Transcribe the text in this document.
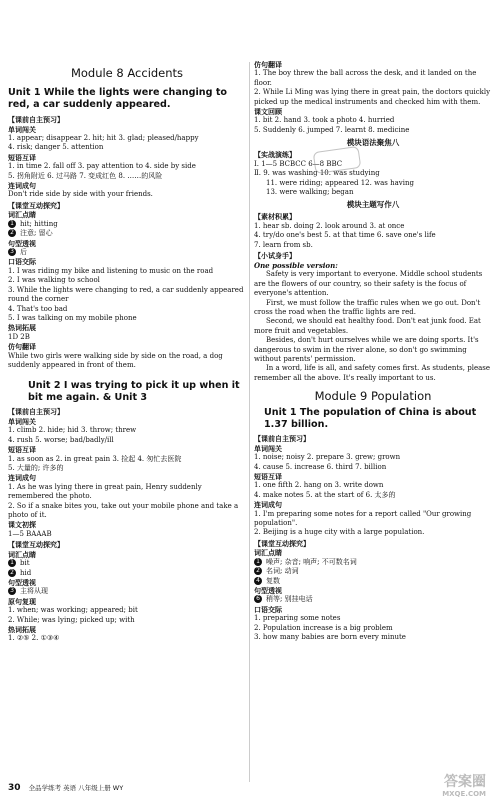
Module 8 Accidents
Unit 1 While the lights were changing to red, a car suddenly appeared.
【课前自主预习】
单词闯关
1. appear; disappear 2. hit; hit 3. glad; pleased/happy
4. risk; danger 5. attention
短语互译
1. in time 2. fall off 3. pay attention to 4. side by side
5. 拐角附近 6. 过马路 7. 变成红色 8. ……的风险
连词成句
Don't ride side by side with your friends.
【课堂互动探究】
词汇点睛
1 hit; hitting
2 注意; 留心
句型透视
3 后
口语交际
1. I was riding my bike and listening to music on the road
2. I was walking to school
3. While the lights were changing to red, a car suddenly appeared round the corner
4. That's too bad
5. I was talking on my mobile phone
热词拓展
1D 2B
仿句翻译
While two girls were walking side by side on the road, a dog suddenly appeared in front of them.
Unit 2 I was trying to pick it up when it bit me again. & Unit 3
【课前自主预习】
单词闯关
1. climb 2. hide; hid 3. throw; threw
4. rush 5. worse; bad/badly/ill
短语互译
1. as soon as 2. in great pain 3. 捡起 4. 匆忙去医院
5. 大量的; 许多的
连词成句
1. As he was lying there in great pain, Henry suddenly remembered the photo.
2. So if a snake bites you, take out your mobile phone and take a photo of it.
课文初探
1—5 BAAAB
【课堂互动探究】
词汇点睛
1 bit
2 hid
句型透视
3 主将从现
原句复现
1. when; was working; appeared; bit
2. While; was lying; picked up; with
热词拓展
1. ②⑤ 2. ①③④
仿句翻译
1. The boy threw the ball across the desk, and it landed on the floor.
2. While Li Ming was lying there in great pain, the doctors quickly picked up the medical instruments and checked him with them.
课文回顾
1. bit 2. hand 3. took a photo 4. hurried
5. Suddenly 6. jumped 7. learnt 8. medicine
模块语法聚焦八
【实战演练】
Ⅰ. 1—5 BCBCC 6—8 BBC
Ⅱ. 9. was washing 10. was studying
11. were riding; appeared 12. was having
13. were walking; began
模块主题写作八
【素材积累】
1. hear sb. doing 2. look around 3. at once
4. try/do one's best 5. at that time 6. save one's life
7. learn from sb.
【小试身手】
One possible version:
Safety is very important to everyone. Middle school students are the flowers of our country, so their safety is the focus of everyone's attention.
First, we must follow the traffic rules when we go out. Don't cross the road when the traffic lights are red.
Second, we should eat healthy food. Don't eat junk food. Eat more fruit and vegetables.
Besides, don't hurt ourselves while we are doing sports. It's dangerous to swim in the river alone, so don't go swimming without parents' permission.
In a word, life is all, and safety comes first. As students, please remember all the above. It's really important to us.
Module 9 Population
Unit 1 The population of China is about 1.37 billion.
【课前自主预习】
单词闯关
1. noise; noisy 2. prepare 3. grew; grown
4. cause 5. increase 6. third 7. billion
短语互译
1. one fifth 2. hang on 3. write down
4. make notes 5. at the start of 6. 太多的
连词成句
1. I'm preparing some notes for a report called "Our growing population".
2. Beijing is a huge city with a large population.
【课堂互动探究】
词汇点睛
1 噪声; 杂音; 响声; 不可数名词
2 名词; 动词
4 复数
句型透视
6 稍等; 别挂电话
口语交际
1. preparing some notes
2. Population increase is a big problem
3. how many babies are born every minute
30 全品学练考 英语 八年级上册 WY	答案圈
MXQE.COM
